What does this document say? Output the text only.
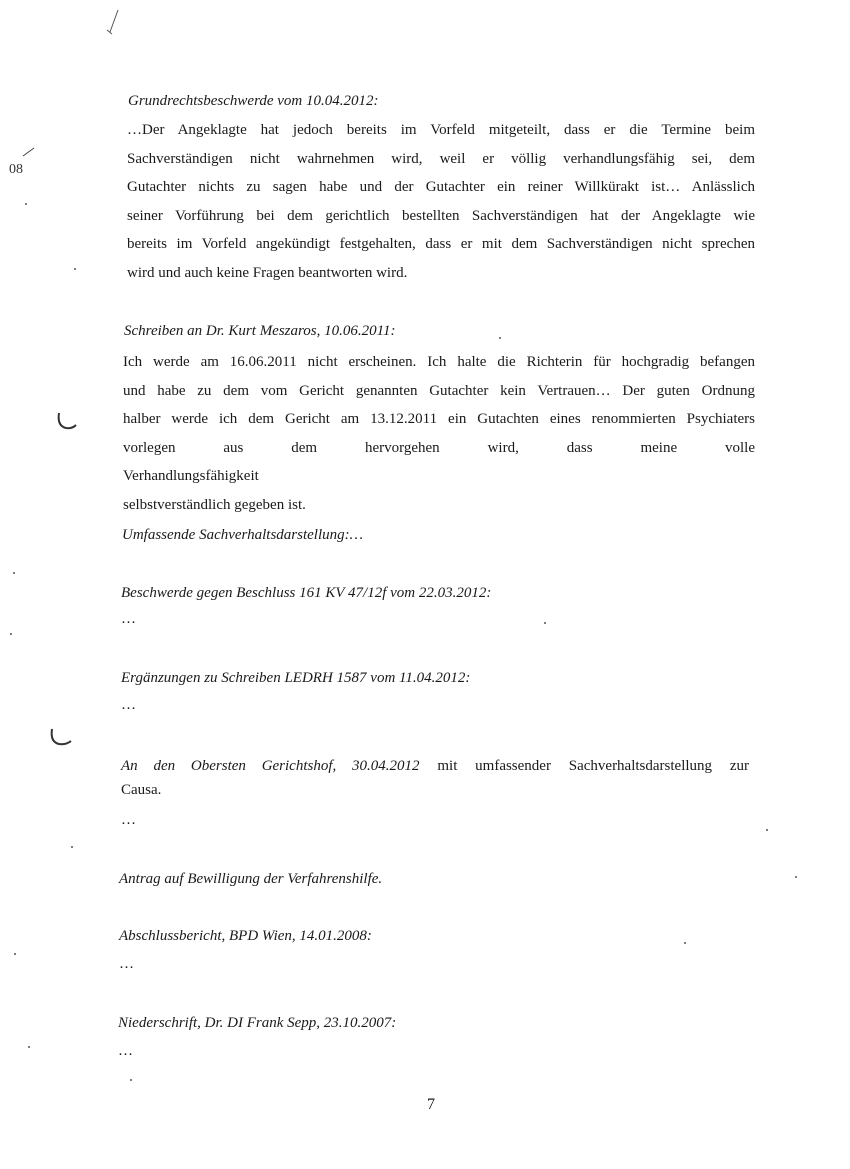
08
Grundrechtsbeschwerde vom 10.04.2012:
…Der Angeklagte hat jedoch bereits im Vorfeld mitgeteilt, dass er die Termine beim
Sachverständigen nicht wahrnehmen wird, weil er völlig verhandlungsfähig sei, dem
Gutachter nichts zu sagen habe und der Gutachter ein reiner Willkürakt ist… Anlässlich
seiner Vorführung bei dem gerichtlich bestellten Sachverständigen hat der Angeklagte wie
bereits im Vorfeld angekündigt festgehalten, dass er mit dem Sachverständigen nicht sprechen
wird und auch keine Fragen beantworten wird.
Schreiben an Dr. Kurt Meszaros, 10.06.2011:
Ich werde am 16.06.2011 nicht erscheinen. Ich halte die Richterin für hochgradig befangen
und habe zu dem vom Gericht genannten Gutachter kein Vertrauen… Der guten Ordnung
halber werde ich dem Gericht am 13.12.2011 ein Gutachten eines renommierten Psychiaters
vorlegen aus dem hervorgehen wird, dass meine volle Verhandlungsfähigkeit
selbstverständlich gegeben ist.
Umfassende Sachverhaltsdarstellung:…
Beschwerde gegen Beschluss 161 KV 47/12f vom 22.03.2012:
…
Ergänzungen zu Schreiben LEDRH 1587 vom 11.04.2012:
…
An den Obersten Gerichtshof, 30.04.2012 mit umfassender Sachverhaltsdarstellung zur
Causa.
…
Antrag auf Bewilligung der Verfahrenshilfe.
Abschlussbericht, BPD Wien, 14.01.2008:
…
Niederschrift, Dr. DI Frank Sepp, 23.10.2007:
…
7
